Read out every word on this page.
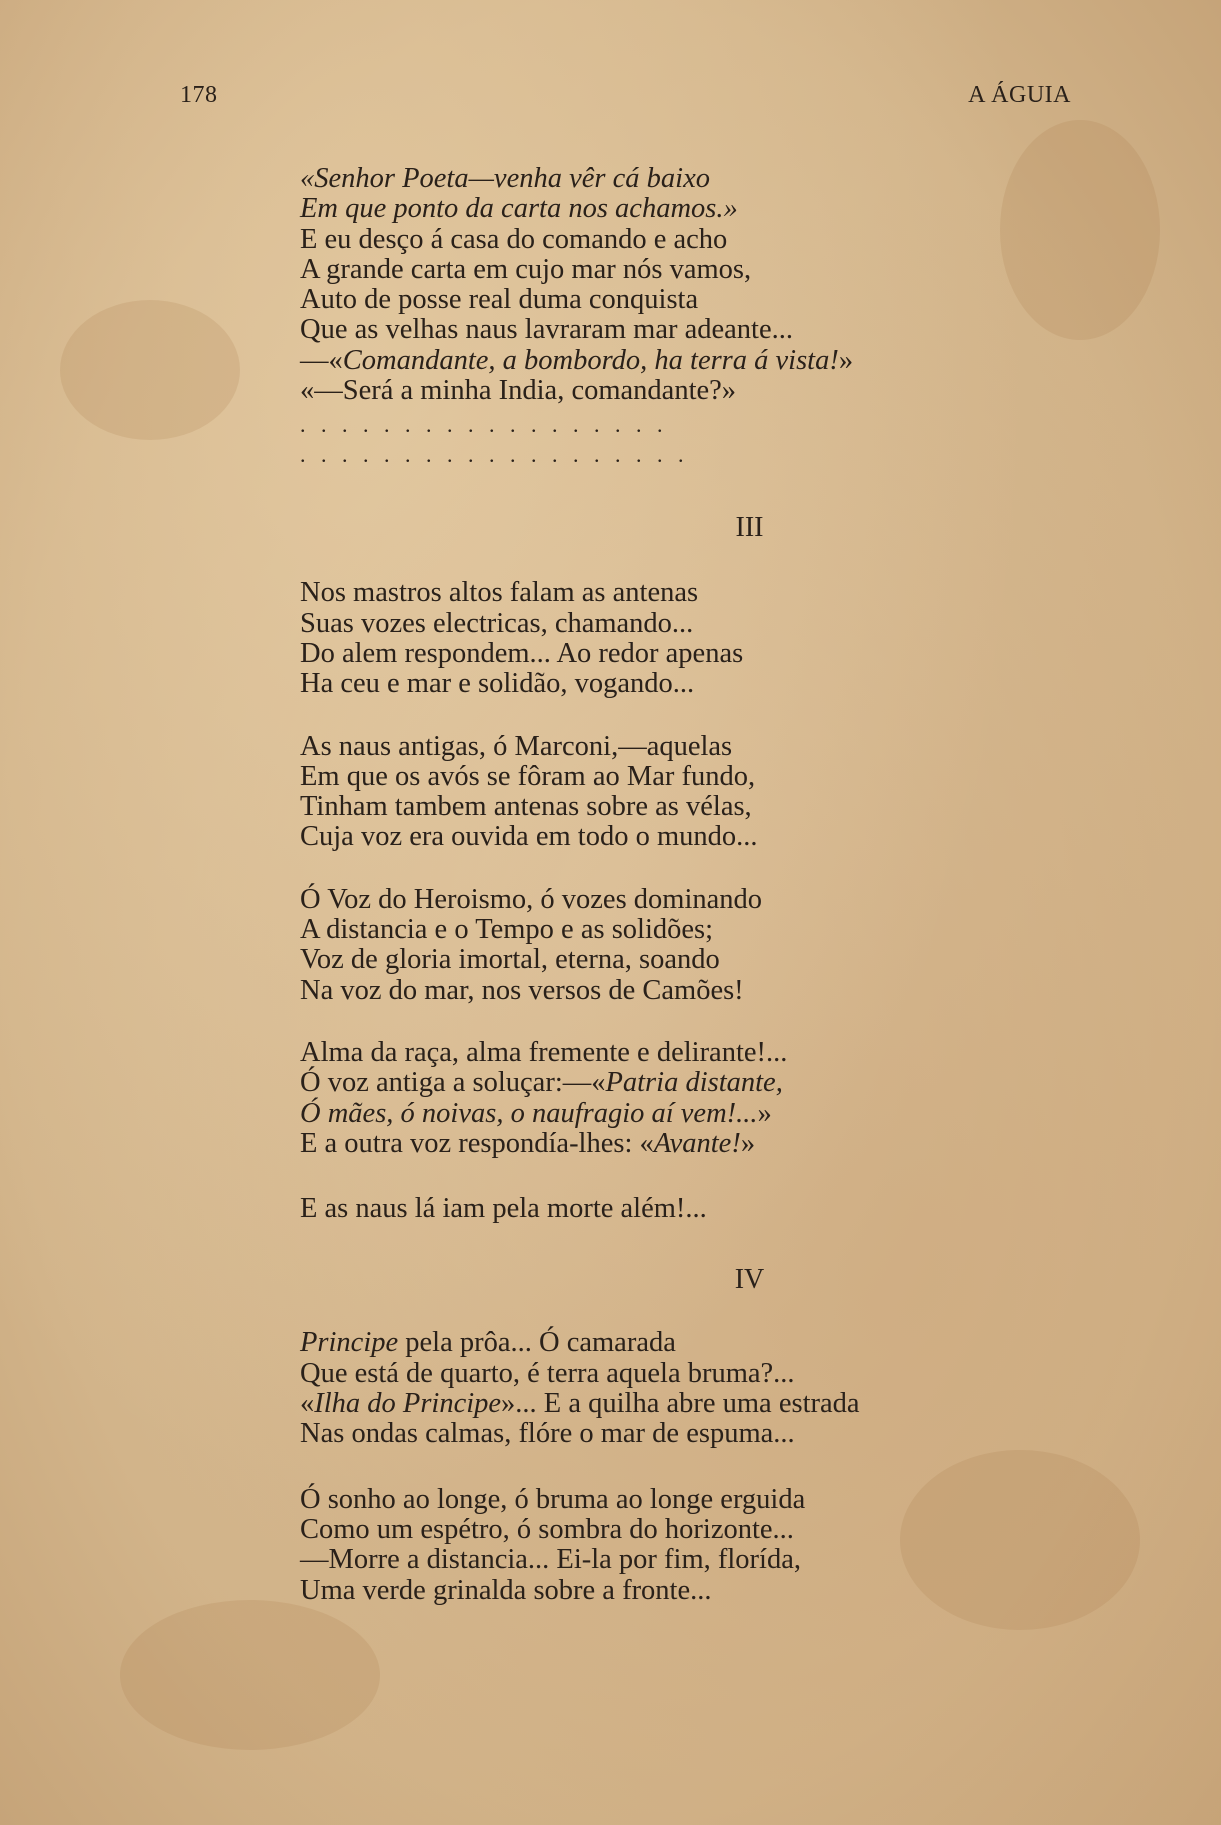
178	A ÁGUIA
«Senhor Poeta—venha vêr cá baixo
Em que ponto da carta nos achamos.»
E eu desço á casa do comando e acho
A grande carta em cujo mar nós vamos,
Auto de posse real duma conquista
Que as velhas naus lavraram mar adeante...
—«Comandante, a bombordo, ha terra á vista!»
«—Será a minha India, comandante?»
..................
...................
III
Nos mastros altos falam as antenas
Suas vozes electricas, chamando...
Do alem respondem... Ao redor apenas
Ha ceu e mar e solidão, vogando...
As naus antigas, ó Marconi,—aquelas
Em que os avós se fôram ao Mar fundo,
Tinham tambem antenas sobre as vélas,
Cuja voz era ouvida em todo o mundo...
Ó Voz do Heroismo, ó vozes dominando
A distancia e o Tempo e as solidões;
Voz de gloria imortal, eterna, soando
Na voz do mar, nos versos de Camões!
Alma da raça, alma fremente e delirante!...
Ó voz antiga a soluçar:—«Patria distante,
Ó mães, ó noivas, o naufragio aí vem!...»
E a outra voz respondía-lhes: «Avante!»
E as naus lá iam pela morte além!...
IV
Principe pela prôa... Ó camarada
Que está de quarto, é terra aquela bruma?...
«Ilha do Principe»... E a quilha abre uma estrada
Nas ondas calmas, flóre o mar de espuma...
Ó sonho ao longe, ó bruma ao longe erguida
Como um espétro, ó sombra do horizonte...
—Morre a distancia... Ei-la por fim, florída,
Uma verde grinalda sobre a fronte...
